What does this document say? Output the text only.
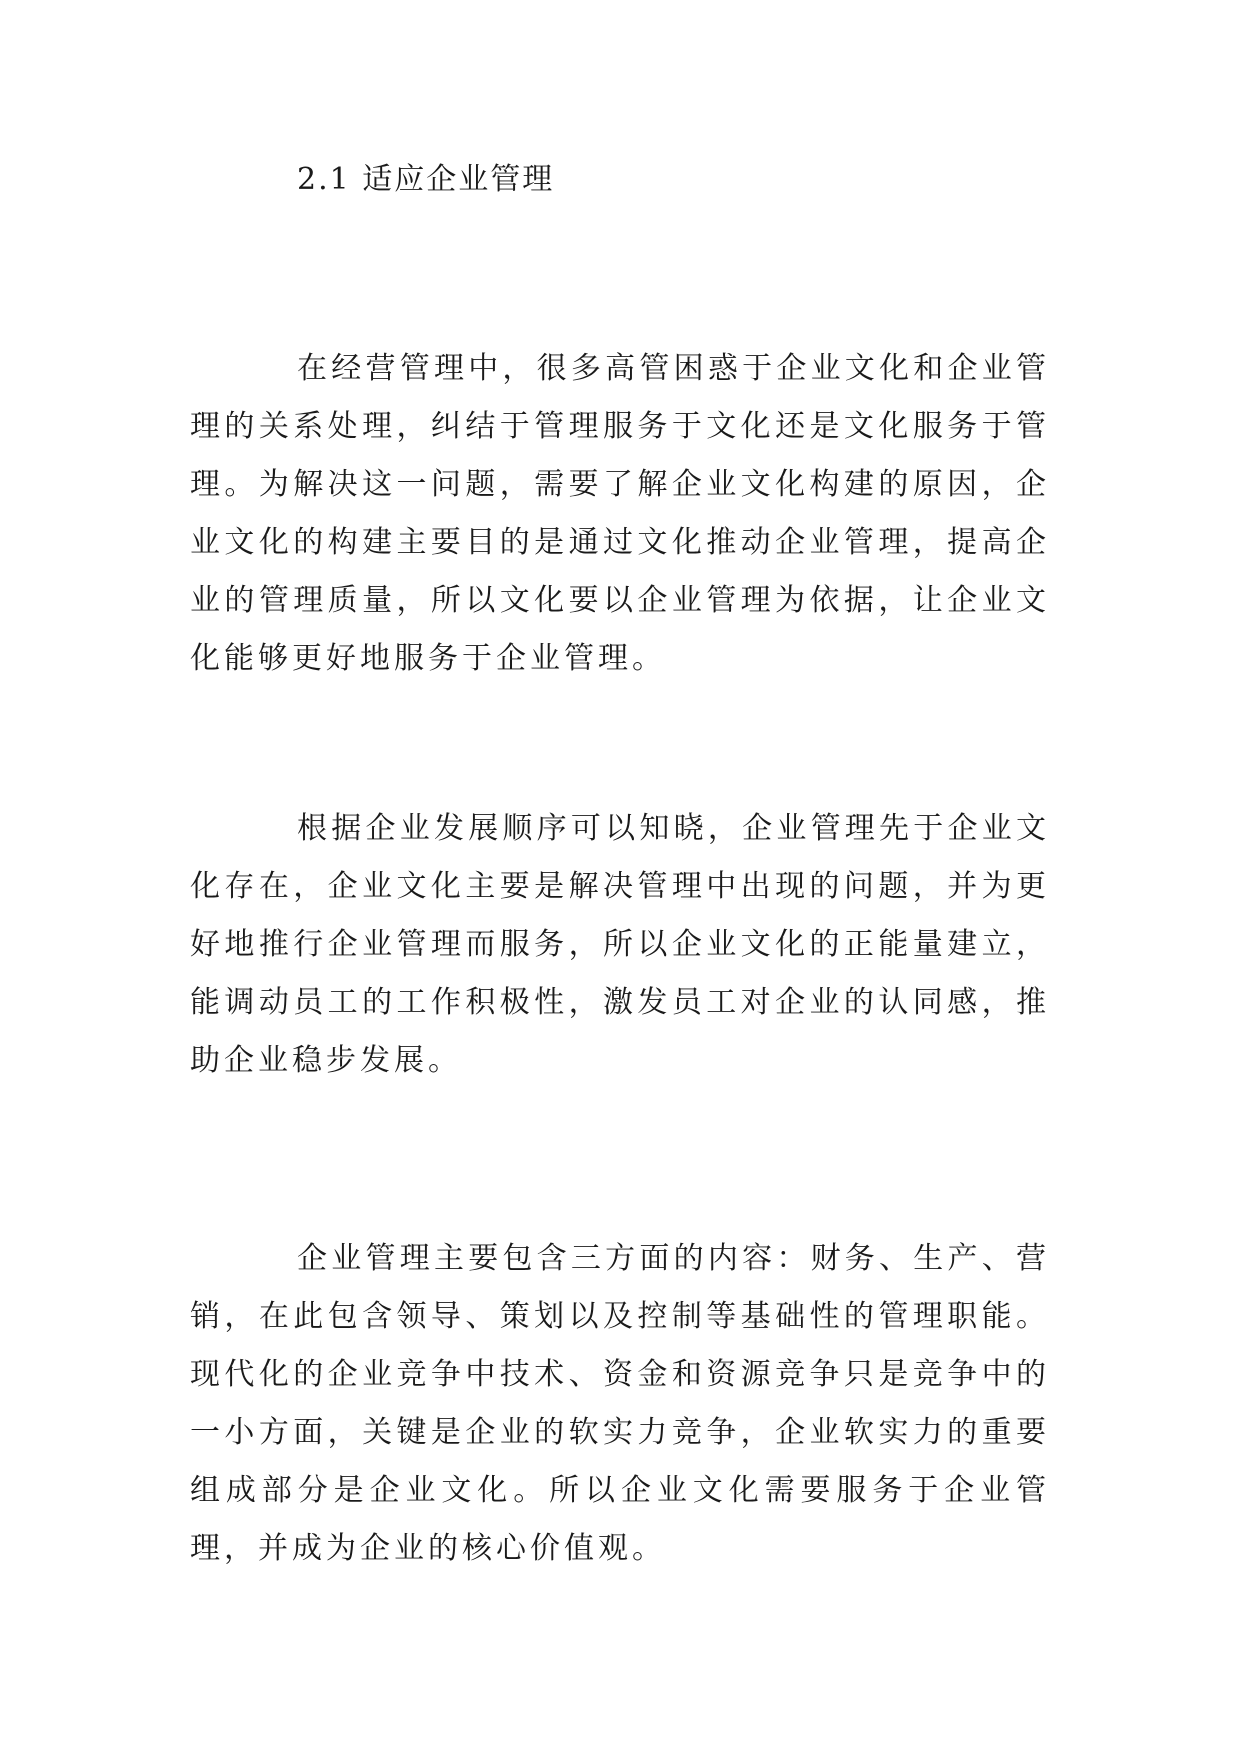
2.1 适应企业管理

在经营管理中，很多高管困惑于企业文化和企业管理的关系处理，纠结于管理服务于文化还是文化服务于管理。为解决这一问题，需要了解企业文化构建的原因，企业文化的构建主要目的是通过文化推动企业管理，提高企业的管理质量，所以文化要以企业管理为依据，让企业文化能够更好地服务于企业管理。

根据企业发展顺序可以知晓，企业管理先于企业文化存在，企业文化主要是解决管理中出现的问题，并为更好地推行企业管理而服务，所以企业文化的正能量建立，能调动员工的工作积极性，激发员工对企业的认同感，推助企业稳步发展。

企业管理主要包含三方面的内容：财务、生产、营销，在此包含领导、策划以及控制等基础性的管理职能。现代化的企业竞争中技术、资金和资源竞争只是竞争中的一小方面，关键是企业的软实力竞争，企业软实力的重要组成部分是企业文化。所以企业文化需要服务于企业管理，并成为企业的核心价值观。
